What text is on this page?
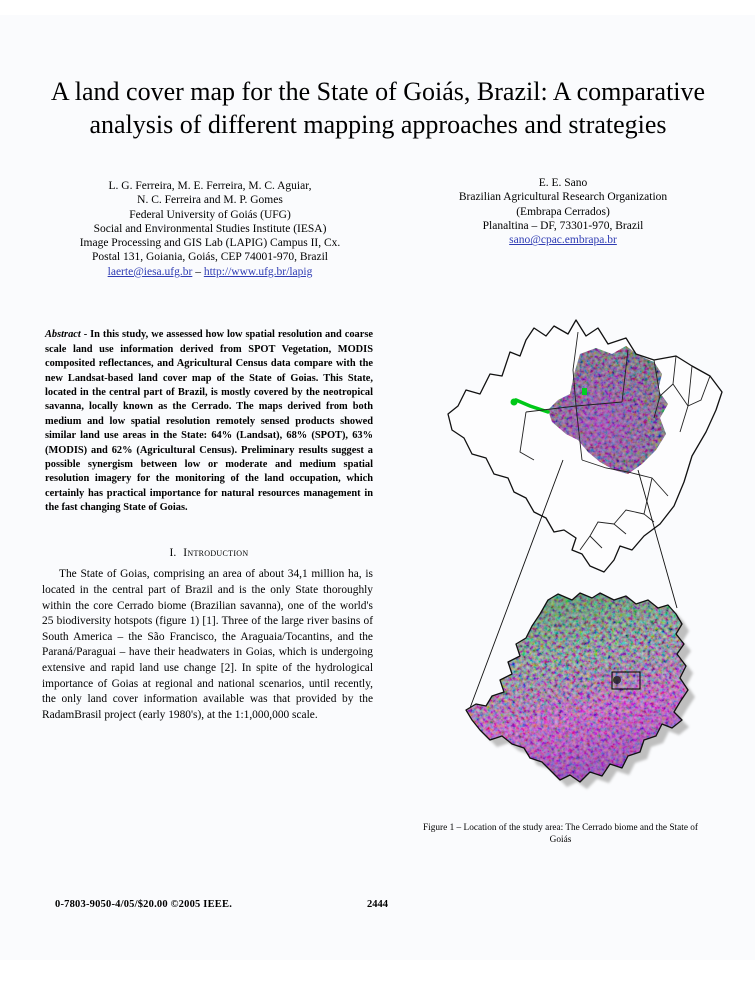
A land cover map for the State of Goiás, Brazil: A comparative analysis of different mapping approaches and strategies
L. G. Ferreira, M. E. Ferreira, M. C. Aguiar,
N. C. Ferreira and M. P. Gomes
Federal University of Goiás (UFG)
Social and Environmental Studies Institute (IESA)
Image Processing and GIS Lab (LAPIG) Campus II, Cx.
Postal 131, Goiania, Goiás, CEP 74001-970, Brazil
laerte@iesa.ufg.br – http://www.ufg.br/lapig
E. E. Sano
Brazilian Agricultural Research Organization
(Embrapa Cerrados)
Planaltina – DF, 73301-970, Brazil
sano@cpac.embrapa.br

Abstract - In this study, we assessed how low spatial resolution and coarse scale land use information derived from SPOT Vegetation, MODIS composited reflectances, and Agricultural Census data compare with the new Landsat-based land cover map of the State of Goias. This State, located in the central part of Brazil, is mostly covered by the neotropical savanna, locally known as the Cerrado. The maps derived from both medium and low spatial resolution remotely sensed products showed similar land use areas in the State: 64% (Landsat), 68% (SPOT), 63% (MODIS) and 62% (Agricultural Census). Preliminary results suggest a possible synergism between low or moderate and medium spatial resolution imagery for the monitoring of the land occupation, which certainly has practical importance for natural resources management in the fast changing State of Goias.

I. Introduction

The State of Goias, comprising an area of about 34,1 million ha, is located in the central part of Brazil and is the only State thoroughly within the core Cerrado biome (Brazilian savanna), one of the world's 25 biodiversity hotspots (figure 1) [1]. Three of the large river basins of South America – the São Francisco, the Araguaia/Tocantins, and the Paraná/Paraguai – have their headwaters in Goias, which is undergoing extensive and rapid land use change [2]. In spite of the hydrological importance of Goias at regional and national scenarios, until recently, the only land cover information available was that provided by the RadamBrasil project (early 1980's), at the 1:1,000,000 scale.

Figure 1 – Location of the study area: The Cerrado biome and the State of Goiás
0-7803-9050-4/05/$20.00 ©2005 IEEE.	2444
